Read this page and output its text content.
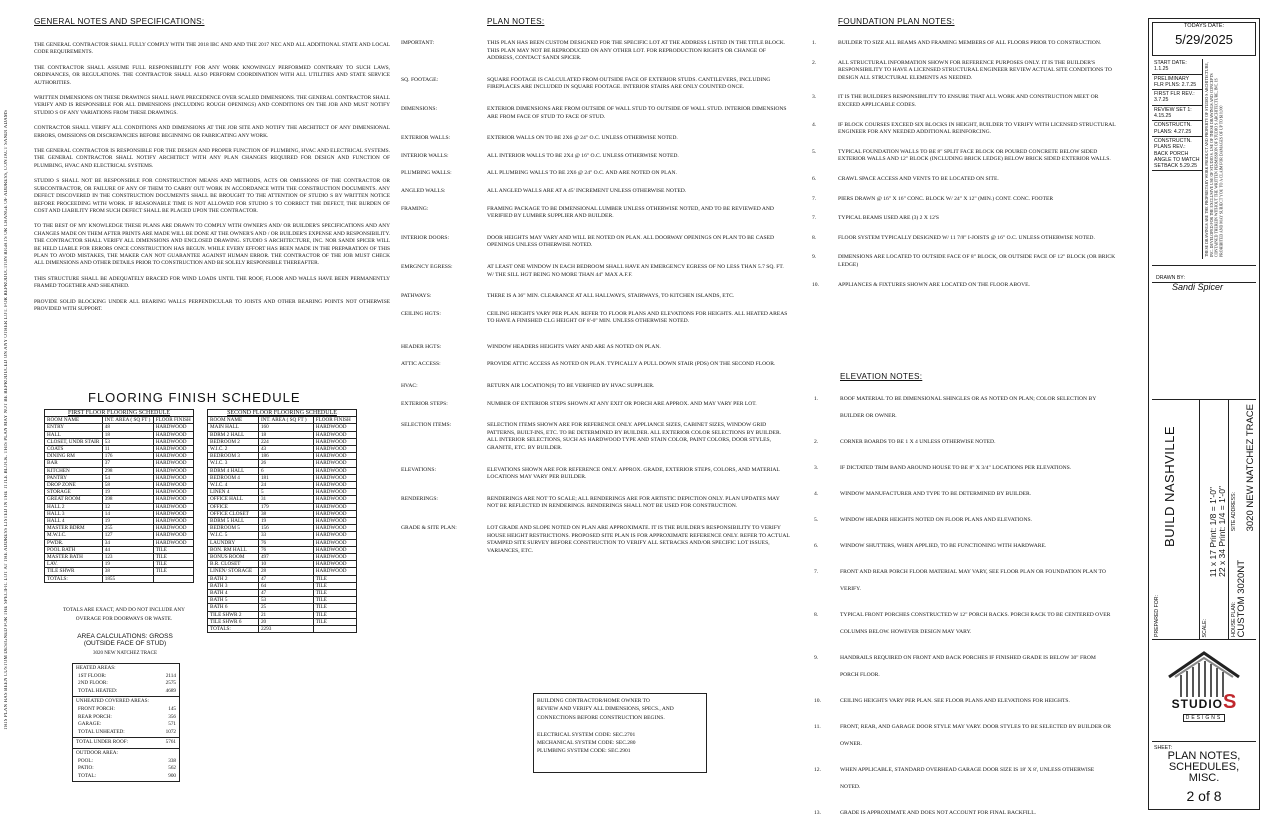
THIS PLAN HAS BEEN CUSTOM DESIGNED FOR THE SPECIFIC LOT AT THE ADDRESS LISTED IN THE TITLE BLOCK. THIS PLAN MAY NOT BE REPRODUCED ON ANY OTHER LOT. FOR REPRODUCTION RIGHTS OR CHANGE OF ADDRESS, CONTACT SANDI ADAMS
GENERAL NOTES AND SPECIFICATIONS:

THE GENERAL CONTRACTOR SHALL FULLY COMPLY WITH THE 2018 IBC AND AND THE 2017 NEC AND ALL ADDITIONAL STATE AND LOCAL CODE REQUIREMENTS.

THE CONTRACTOR SHALL ASSUME FULL RESPONSIBILITY FOR ANY WORK KNOWINGLY PERFORMED CONTRARY TO SUCH LAWS, ORDINANCES, OR REGULATIONS. THE CONTRACTOR SHALL ALSO PERFORM COORDINATION WITH ALL UTILITIES AND STATE SERVICE AUTHORITIES.

WRITTEN DIMENSIONS ON THESE DRAWINGS SHALL HAVE PRECEDENCE OVER SCALED DIMENSIONS. THE GENERAL CONTRACTOR SHALL VERIFY AND IS RESPONSIBLE FOR ALL DIMENSIONS (INCLUDING ROUGH OPENINGS) AND CONDITIONS ON THE JOB AND MUST NOTIFY STUDIO S OF ANY VARIATIONS FROM THESE DRAWINGS.

CONTRACTOR SHALL VERIFY ALL CONDITIONS AND DIMENSIONS AT THE JOB SITE AND NOTIFY THE ARCHITECT OF ANY DIMENSIONAL ERRORS, OMISSIONS OR DISCREPANCIES BEFORE BEGINNING OR FABRICATING ANY WORK.

THE GENERAL CONTRACTOR IS RESPONSIBLE FOR THE DESIGN AND PROPER FUNCTION OF PLUMBING, HVAC AND ELECTRICAL SYSTEMS. THE GENERAL CONTRACTOR SHALL NOTIFY ARCHITECT WITH ANY PLAN CHANGES REQUIRED FOR DESIGN AND FUNCTION OF PLUMBING, HVAC AND ELECTRICAL SYSTEMS.

STUDIO S SHALL NOT BE RESPONSIBLE FOR CONSTRUCTION MEANS AND METHODS, ACTS OR OMISSIONS OF THE CONTRACTOR OR SUBCONTRACTOR, OR FAILURE OF ANY OF THEM TO CARRY OUT WORK IN ACCORDANCE WITH THE CONSTRUCTION DOCUMENTS. ANY DEFECT DISCOVERED IN THE CONSTRUCTION DOCUMENTS SHALL BE BROUGHT TO THE ATTENTION OF STUDIO S BY WRITTEN NOTICE BEFORE PROCEEDING WITH WORK. IF REASONABLE TIME IS NOT ALLOWED FOR STUDIO S TO CORRECT THE DEFECT, THE BURDEN OF COST AND LIABILITY FROM SUCH DEFECT SHALL BE PLACED UPON THE CONTRACTOR.

TO THE BEST OF MY KNOWLEDGE THESE PLANS ARE DRAWN TO COMPLY WITH OWNER'S AND/ OR BUILDER'S SPECIFICATIONS AND ANY CHANGES MADE ON THEM AFTER PRINTS ARE MADE WILL BE DONE AT THE OWNER'S AND / OR BUILDER'S EXPENSE AND RESPONSIBILITY. THE CONTRACTOR SHALL VERIFY ALL DIMENSIONS AND ENCLOSED DRAWING. STUDIO S ARCHITECTURE, INC. NOR SANDI SPICER WILL BE HELD LIABLE FOR ERRORS ONCE CONSTRUCTION HAS BEGUN. WHILE EVERY EFFORT HAS BEEN MADE IN THE PREPARATION OF THIS PLAN TO AVOID MISTAKES, THE MAKER CAN NOT GUARANTEE AGAINST HUMAN ERROR. THE CONTRACTOR OF THE JOB MUST CHECK ALL DIMENSIONS AND OTHER DETAILS PRIOR TO CONSTRUCTION AND BE SOLELY RESPONSIBLE THEREAFTER.

THIS STRUCTURE SHALL BE ADEQUATELY BRACED FOR WIND LOADS UNTIL THE ROOF, FLOOR AND WALLS HAVE BEEN PERMANENTLY FRAMED TOGETHER AND SHEATHED.

PROVIDE SOLID BLOCKING UNDER ALL BEARING WALLS PERPENDICULAR TO JOISTS AND OTHER BEARING POINTS NOT OTHERWISE PROVIDED WITH SUPPORT.

FLOORING FINISH SCHEDULE
FIRST FLOOR FLOORING SCHEDULE
ROOM NAME	INT. AREA ( SQ FT )	FLOOR FINISH
ENTRY	48	HARDWOOD
HALL	18	HARDWOOD
CLOSET, UNDR STAIR	53	HARDWOOD
COATS	11	HARDWOOD
DINING RM	176	HARDWOOD
BAR	37	HARDWOOD
KITCHEN	298	HARDWOOD
PANTRY	54	HARDWOOD
DROP ZONE	58	HARDWOOD
STORAGE	19	HARDWOOD
GREAT ROOM	398	HARDWOOD
HALL 2	12	HARDWOOD
HALL 3	14	HARDWOOD
HALL 4	19	HARDWOOD
MASTER BDRM	255	HARDWOOD
M.W.I.C.	127	HARDWOOD
PWDR.	34	HARDWOOD
POOL BATH	44	TILE
MASTER BATH	123	TILE
LAV.	19	TILE
TILE SHWR	38	TILE
TOTALS:	1855	
SECOND FLOOR FLOORING SCHEDULE
ROOM NAME	INT. AREA ( SQ FT )	FLOOR FINISH
MAIN HALL	160	HARDWOOD
BDRM 2 HALL	18	HARDWOOD
BEDROOM 2	224	HARDWOOD
W.I.C. 2	43	HARDWOOD
BEDROOM 3	186	HARDWOOD
W.I.C. 3	26	HARDWOOD
BDRM 4 HALL	6	HARDWOOD
BEDROOM 4	181	HARDWOOD
W.I.C. 4	24	HARDWOOD
LINEN 4	5	HARDWOOD
OFFICE HALL	31	HARDWOOD
OFFICE	179	HARDWOOD
OFFICE CLOSET	38	HARDWOOD
BDRM 5 HALL	19	HARDWOOD
BEDROOM 5	156	HARDWOOD
W.I.C. 5	33	HARDWOOD
LAUNDRY	76	HARDWOOD
BON. RM HALL	76	HARDWOOD
BONUS ROOM	497	HARDWOOD
B.R. CLOSET	10	HARDWOOD
LINEN/ STORAGE	28	HARDWOOD
BATH 2	47	TILE
BATH 3	64	TILE
BATH 4	47	TILE
BATH 5	53	TILE
BATH 6	25	TILE
TILE SHWR 2	21	TILE
TILE SHWR 6	20	TILE
TOTALS:	2293	
TOTALS ARE EXACT, AND DO NOT INCLUDE ANY
OVERAGE FOR DOORWAYS OR WASTE.
AREA CALCULATIONS: GROSS
(OUTSIDE FACE OF STUD)
3020 NEW NATCHEZ TRACE
HEATED AREAS:
1ST FLOOR:	2114
2ND FLOOR:	2575
TOTAL HEATED:	4689
UNHEATED COVERED AREAS:
FRONT PORCH:	145
REAR PORCH:	356
GARAGE:	571
TOTAL UNHEATED:	1072
TOTAL UNDER ROOF:	5761
OUTDOOR AREA:
POOL:	338
PATIO:	562
TOTAL:	900
PLAN NOTES:
IMPORTANT:	THIS PLAN HAS BEEN CUSTOM DESIGNED FOR THE SPECIFIC LOT AT THE ADDRESS LISTED IN THE TITLE BLOCK. THIS PLAN MAY NOT BE REPRODUCED ON ANY OTHER LOT. FOR REPRODUCTION RIGHTS OR CHANGE OF ADDRESS, CONTACT SANDI SPICER.
SQ. FOOTAGE:	SQUARE FOOTAGE IS CALCULATED FROM OUTSIDE FACE OF EXTERIOR STUDS. CANTILEVERS, INCLUDING FIREPLACES ARE INCLUDED IN SQUARE FOOTAGE. INTERIOR STAIRS ARE ONLY COUNTED ONCE.
DIMENSIONS:	EXTERIOR DIMENSIONS ARE FROM OUTSIDE OF WALL STUD TO OUTSIDE OF WALL STUD. INTERIOR DIMENSIONS ARE FROM FACE OF STUD TO FACE OF STUD.
EXTERIOR WALLS:	EXTERIOR WALLS ON TO BE 2X6 @ 24" O.C. UNLESS OTHERWISE NOTED.
INTERIOR WALLS:	ALL INTERIOR WALLS TO BE 2X4 @ 16" O.C. UNLESS OTHERWISE NOTED.
PLUMBING WALLS:	ALL PLUMBING WALLS TO BE 2X6 @ 24" O.C. AND ARE NOTED ON PLAN.
ANGLED WALLS:	ALL ANGLED WALLS ARE AT A 45' INCREMENT UNLESS OTHERWISE NOTED.
FRAMING:	FRAMING PACKAGE TO BE DIMENSIONAL LUMBER UNLESS OTHERWISE NOTED, AND TO BE REVIEWED AND VERIFIED BY LUMBER SUPPLIER AND BUILDER.
INTERIOR DOORS:	DOOR HEIGHTS MAY VARY AND WILL BE NOTED ON PLAN. ALL DOORWAY OPENINGS ON PLAN TO BE CASED OPENINGS UNLESS OTHERWISE NOTED.
EMRGNCY EGRESS:	AT LEAST ONE WINDOW IN EACH BEDROOM SHALL HAVE AN EMERGENCY EGRESS OF NO LESS THAN 5.7 SQ. FT. W/ THE SILL HGT BEING NO MORE THAN 44" MAX A.F.F.
PATHWAYS:	THERE IS A 36" MIN. CLEARANCE AT ALL HALLWAYS, STAIRWAYS, TO KITCHEN ISLANDS, ETC.
CEILING HGTS:	CEILING HEIGHTS VARY PER PLAN. REFER TO FLOOR PLANS AND ELEVATIONS FOR HEIGHTS. ALL HEATED AREAS TO HAVE A FINISHED CLG HEIGHT OF 8'-0" MIN. UNLESS OTHERWISE NOTED.
HEADER HGTS:	WINDOW HEADERS HEIGHTS VARY AND ARE AS NOTED ON PLAN.
ATTIC ACCESS:	PROVIDE ATTIC ACCESS AS NOTED ON PLAN. TYPICALLY A PULL DOWN STAIR (PDS) ON THE SECOND FLOOR.
HVAC:	RETURN AIR LOCATION(S) TO BE VERIFIED BY HVAC SUPPLIER.
EXTERIOR STEPS:	NUMBER OF EXTERIOR STEPS SHOWN AT ANY EXIT OR PORCH ARE APPROX. AND MAY VARY PER LOT.
SELECTION ITEMS:	SELECTION ITEMS SHOWN ARE FOR REFERENCE ONLY. APPLIANCE SIZES, CABINET SIZES, WINDOW GRID PATTERNS, BUILT-INS, ETC. TO BE DETERMINED BY BUILDER. ALL EXTERIOR COLOR SELECTIONS BY BUILDER. ALL INTERIOR SELECTIONS, SUCH AS HARDWOOD TYPE AND STAIN COLOR, PAINT COLORS, DOOR STYLES, GRANITE, ETC. BY BUILDER.
ELEVATIONS:	ELEVATIONS SHOWN ARE FOR REFERENCE ONLY. APPROX. GRADE, EXTERIOR STEPS, COLORS, AND MATERIAL LOCATIONS MAY VARY PER BUILDER.
RENDERINGS:	RENDERINGS ARE NOT TO SCALE; ALL RENDERINGS ARE FOR ARTISTIC DEPICTION ONLY. PLAN UPDATES MAY NOT BE REFLECTED IN RENDERINGS. RENDERINGS SHALL NOT BE USED FOR CONSTRUCTION.
GRADE & SITE PLAN:	LOT GRADE AND SLOPE NOTED ON PLAN ARE APPROXIMATE. IT IS THE BUILDER'S RESPONSIBILITY TO VERIFY HOUSE HEIGHT RESTRICTIONS. PROPOSED SITE PLAN IS FOR APPROXIMATE REFERENCE ONLY. REFER TO ACTUAL STAMPED SITE SURVEY BEFORE CONSTRUCTION TO VERIFY ALL SETBACKS AND/OR SPECIFIC LOT ISSUES, VARIANCES, ETC.
BUILDING CONTRACTOR/HOME OWNER TO
REVIEW AND VERIFY ALL DIMENSIONS, SPECS., AND
CONNECTIONS BEFORE CONSTRUCTION BEGINS.
ELECTRICAL SYSTEM CODE: SEC.2701
MECHANICAL SYSTEM CODE: SEC.280
PLUMBING SYSTEM CODE: SEC.2901
FOUNDATION PLAN NOTES:
1.	BUILDER TO SIZE ALL BEAMS AND FRAMING MEMBERS OF ALL FLOORS PRIOR TO CONSTRUCTION.
2.	ALL STRUCTURAL INFORMATION SHOWN FOR REFERENCE PURPOSES ONLY. IT IS THE BUILDER'S RESPONSIBILITY TO HAVE A LICENSED STRUCTURAL ENGINEER REVIEW ACTUAL SITE CONDITIONS TO DESIGN ALL STRUCTURAL ELEMENTS AS NEEDED.
3.	IT IS THE BUILDER'S RESPONSIBILITY TO ENSURE THAT ALL WORK AND CONSTRUCTION MEET OR EXCEED APPLICABLE CODES.
4.	IF BLOCK COURSES EXCEED SIX BLOCKS IN HEIGHT, BUILDER TO VERIFY WITH LICENSED STRUCTURAL ENGINEER FOR ANY NEEDED ADDITIONAL REINFORCING.
5.	TYPICAL FOUNDATION WALLS TO BE 8" SPLIT FACE BLOCK OR POURED CONCRETE BELOW SIDED EXTERIOR WALLS AND 12" BLOCK (INCLUDING BRICK LEDGE) BELOW BRICK SIDED EXTERIOR WALLS.
6.	CRAWL SPACE ACCESS AND VENTS TO BE LOCATED ON SITE.
7.	PIERS DRAWN @ 16" X 16" CONC. BLOCK W/ 24" X 12" (MIN.) CONT. CONC. FOOTER
7.	TYPICAL BEAMS USED ARE (3) 2 X 12'S
8.	FLOOR SYSTEM TYPICALLY DESIGNED W/ 11 7/8" I-JOISTS @ 16" O.C. UNLESS OTHERWISE NOTED.
9.	DIMENSIONS ARE LOCATED TO OUTSIDE FACE OF 8" BLOCK, OR OUTSIDE FACE OF 12" BLOCK (OR BRICK LEDGE)
10.	APPLIANCES & FIXTURES SHOWN ARE LOCATED ON THE FLOOR ABOVE.
ELEVATION NOTES:
1.	ROOF MATERIAL TO BE DIMENSIONAL SHINGLES OR AS NOTED ON PLAN; COLOR SELECTION BY BUILDER OR OWNER.
2.	CORNER BOARDS TO BE 1 X 4 UNLESS OTHERWISE NOTED.
3.	IF DICTATED TRIM BAND AROUND HOUSE TO BE 8" X 3/4" LOCATIONS PER ELEVATIONS.
4.	WINDOW MANUFACTURER AND TYPE TO BE DETERMINED BY BUILDER.
5.	WINDOW HEADER HEIGHTS NOTED ON FLOOR PLANS AND ELEVATIONS.
6.	WINDOW SHUTTERS, WHEN APPLIED, TO BE FUNCTIONING WITH HARDWARE.
7.	FRONT AND REAR PORCH FLOOR MATERIAL MAY VARY, SEE FLOOR PLAN OR FOUNDATION PLAN TO VERIFY.
8.	TYPICAL FRONT PORCHES CONSTRUCTED W 12" PORCH RACKS. PORCH RACK TO BE CENTERED OVER COLUMNS BELOW. HOWEVER DESIGN MAY VARY.
9.	HANDRAILS REQUIRED ON FRONT AND BACK PORCHES IF FINISHED GRADE IS BELOW 30" FROM PORCH FLOOR.
10.	CEILING HEIGHTS VARY PER PLAN. SEE FLOOR PLANS AND ELEVATIONS FOR HEIGHTS.
11.	FRONT, REAR, AND GARAGE DOOR STYLE MAY VARY. DOOR STYLES TO BE SELECTED BY BUILDER OR OWNER.
12.	WHEN APPLICABLE, STANDARD OVERHEAD GARAGE DOOR SIZE IS 18' X 8', UNLESS OTHERWISE NOTED.
13.	GRADE IS APPROXIMATE AND DOES NOT ACCOUNT FOR FINAL BACKFILL.
TODAYS DATE:
5/29/2025
START DATE: 1.1.25
PRELIMINARY FLR PLNS: 2.7.25
FIRST FLR REV.: 3.7.25
REVIEW SET 1: 4.15.25
CONSTRUCTN. PLANS: 4.27.25
CONSTRUCTN. PLANS REV.: BACK PORCH ANGLE TO MATCH SETBACK 5.29.25	THESE DRAWINGS ARE THE PROPRIETARY WORK PRODUCT AND PROPERTY OF STUDIO S ARCHITECTURE, INC. DEVELOPED FOR THE EXCLUSIVE USE OF STUDIO S. USE OF THESE DRAWINGS AND CONCEPTS CONTAINED THEREIN WITHOUT THE WRITTEN PERMISSION OF STUDIO S ARCHITECTURE, INC. IS PROHIBITED AND MAY SUBJECT YOU TO A CLAIM FOR DAMAGES OF UP TO $10,000
DRAWN BY:
Sandi Spicer
PREPARED FOR:
BUILD NASHVILLE
SCALE:
11 x 17 Print: 1/8 = 1'-0" 22 x 34 Print: 1/4 = 1'-0"
HOUSE PLAN: CUSTOM 3020NT
SITE ADDRESS: 3020 NEW NATCHEZ TRACE
STUDIOS
DESIGNS
SHEET:
PLAN NOTES,
SCHEDULES,
MISC.
2 of 8
